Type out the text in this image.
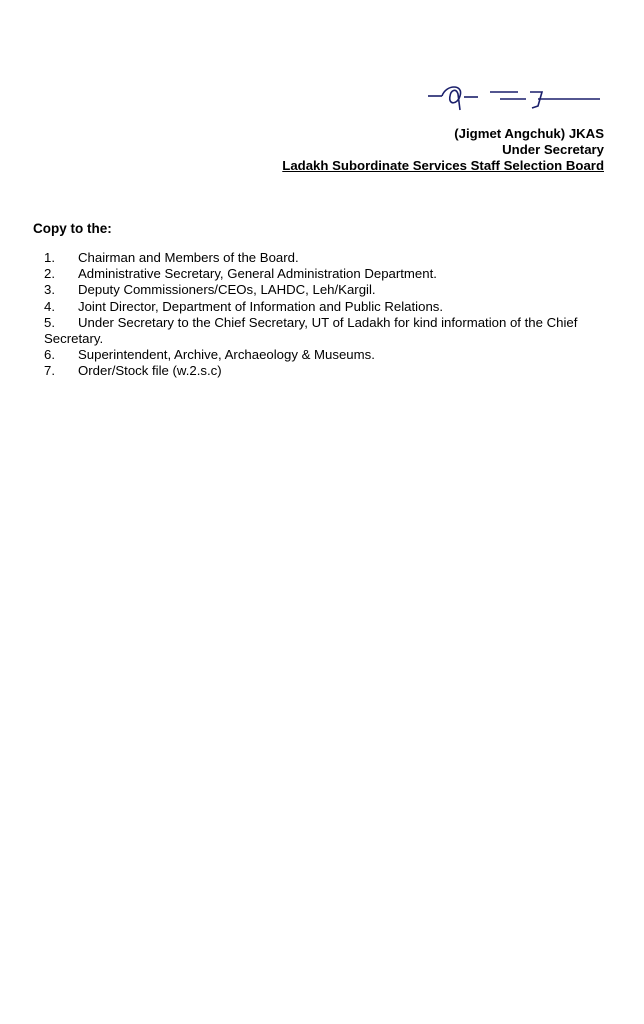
(Jigmet Angchuk) JKAS
Under Secretary
Ladakh Subordinate Services Staff Selection Board
Copy to the:
1. Chairman and Members of the Board.
2. Administrative Secretary, General Administration Department.
3. Deputy Commissioners/CEOs, LAHDC, Leh/Kargil.
4. Joint Director, Department of Information and Public Relations.
5. Under Secretary to the Chief Secretary, UT of Ladakh for kind information of the Chief Secretary.
6. Superintendent, Archive, Archaeology & Museums.
7. Order/Stock file (w.2.s.c)
